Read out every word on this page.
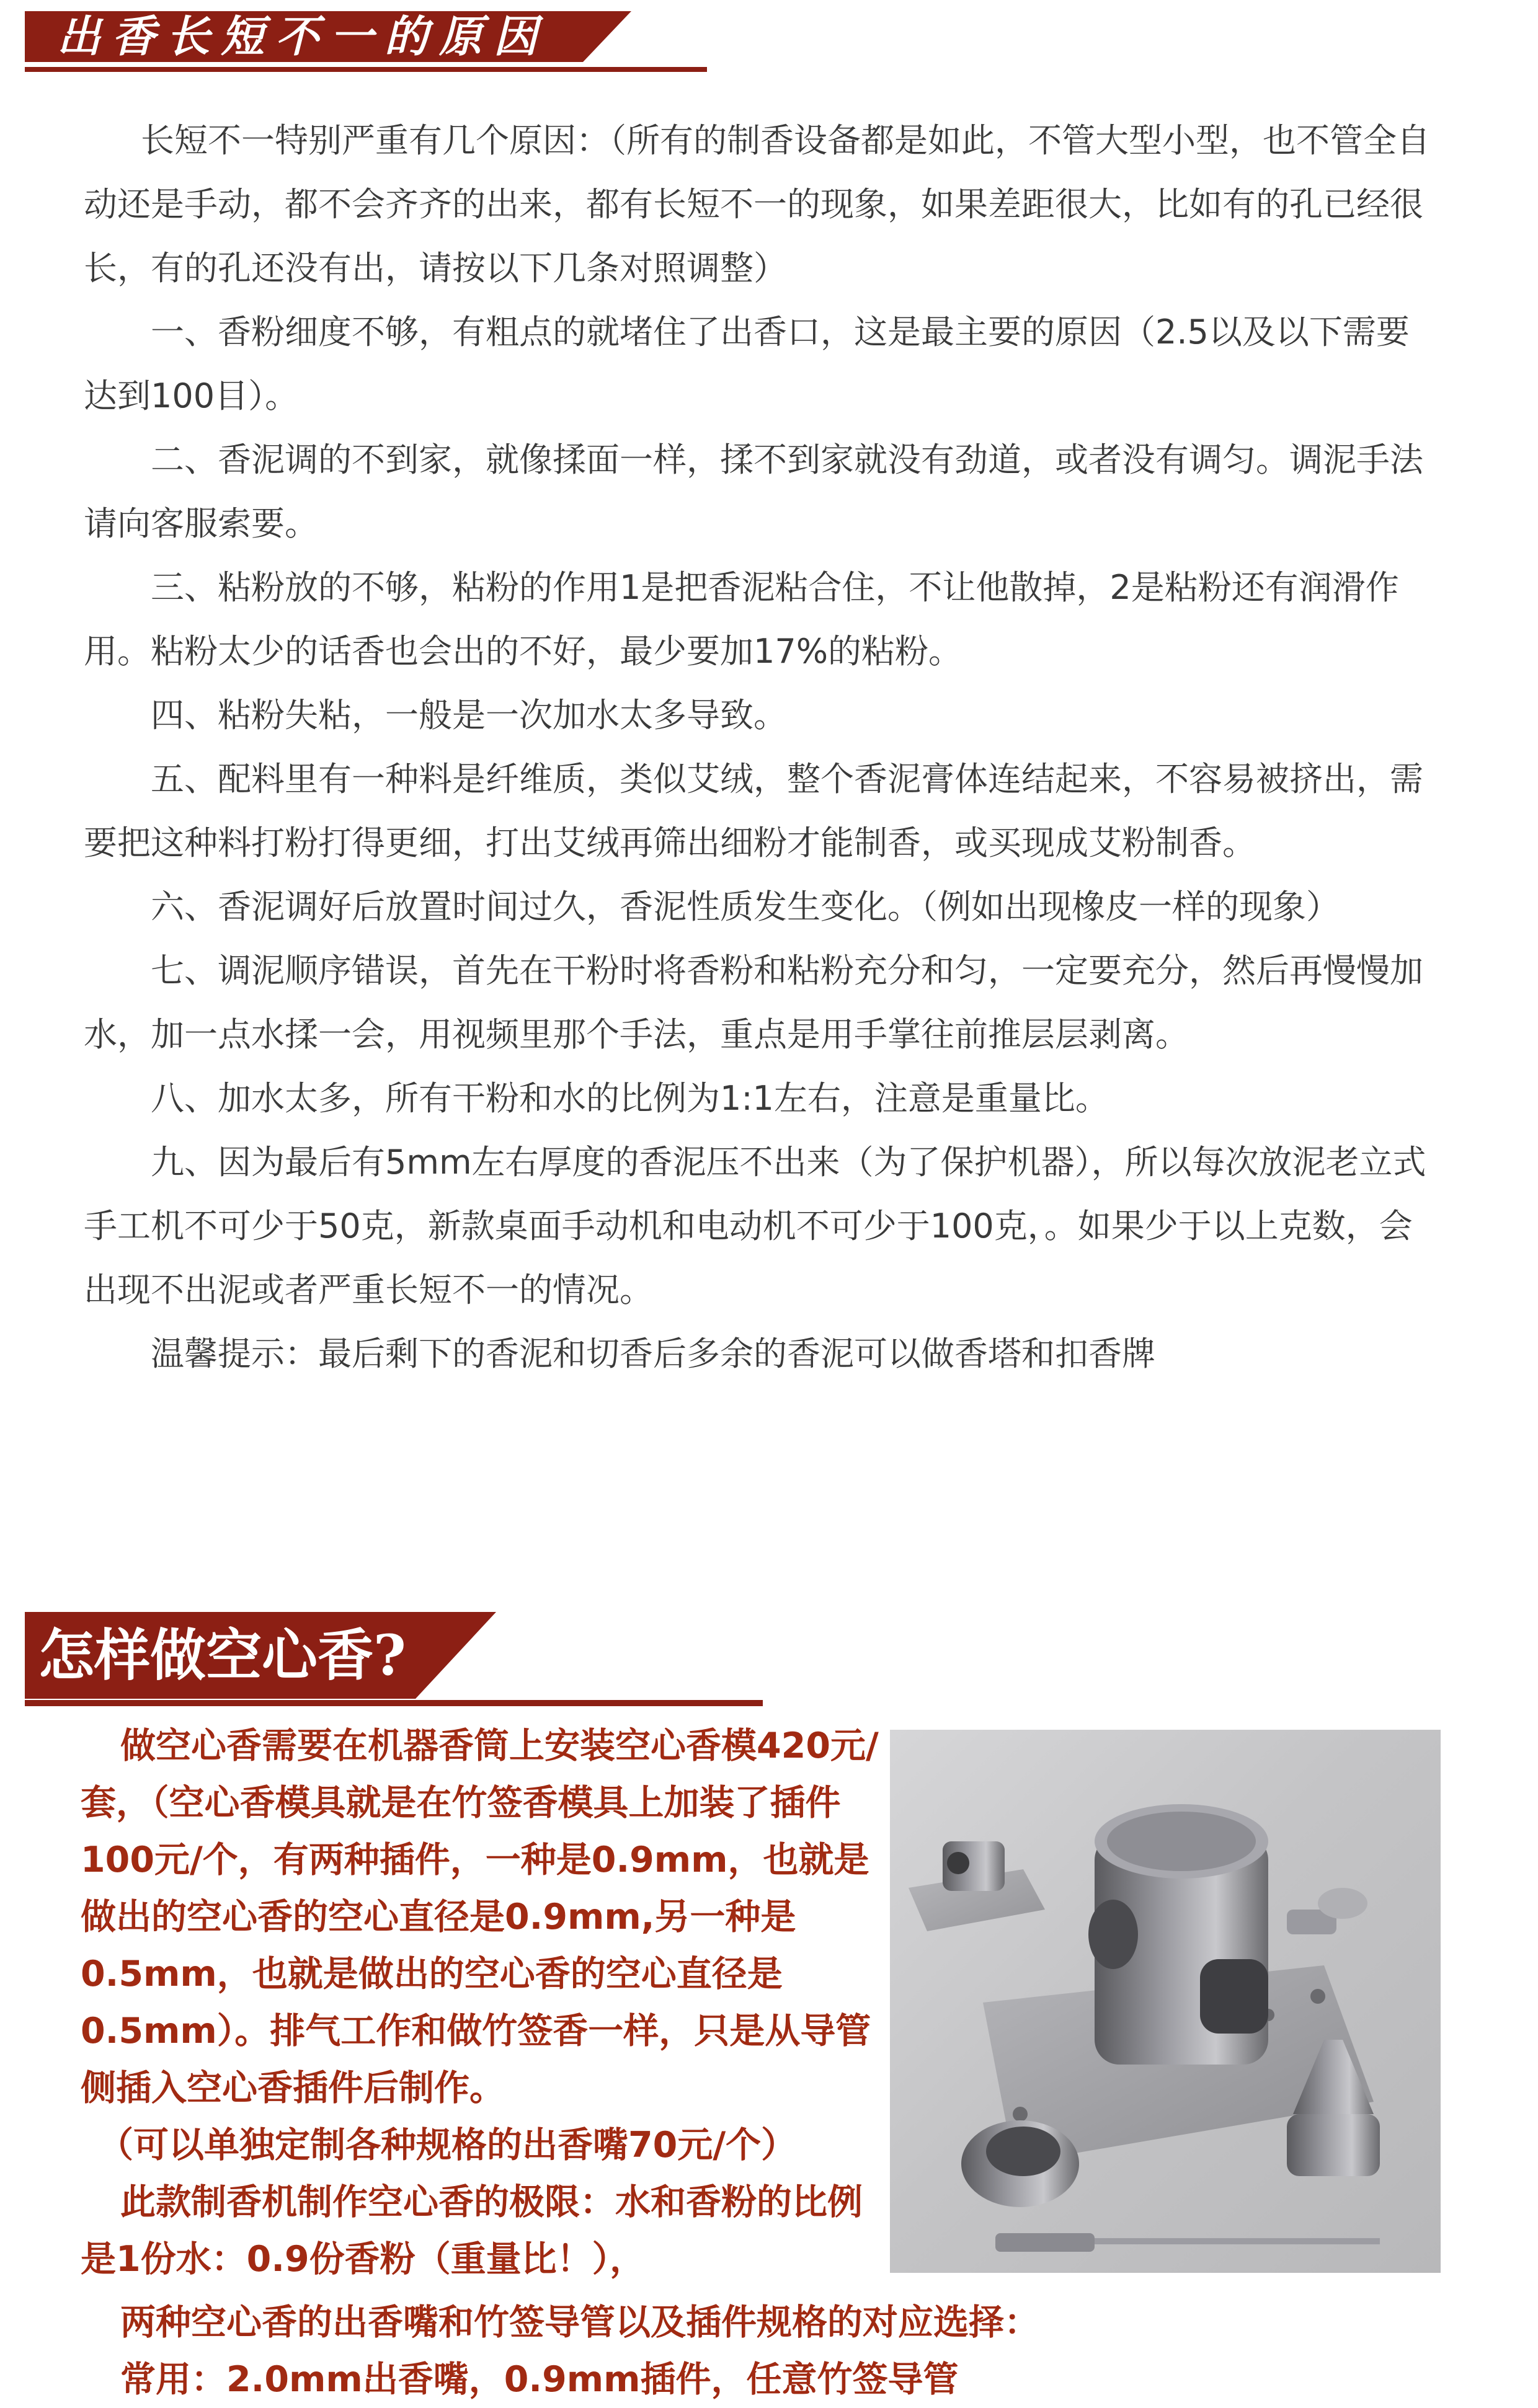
出香长短不一的原因

长短不一特别严重有几个原因：（所有的制香设备都是如此，不管大型小型，也不管全自动还是手动，都不会齐齐的出来，都有长短不一的现象，如果差距很大，比如有的孔已经很长，有的孔还没有出，请按以下几条对照调整）

一、香粉细度不够，有粗点的就堵住了出香口，这是最主要的原因（2.5以及以下需要达到100目）。

二、香泥调的不到家，就像揉面一样，揉不到家就没有劲道，或者没有调匀。调泥手法请向客服索要。

三、粘粉放的不够，粘粉的作用1是把香泥粘合住，不让他散掉，2是粘粉还有润滑作用。粘粉太少的话香也会出的不好，最少要加17%的粘粉。

四、粘粉失粘，一般是一次加水太多导致。

五、配料里有一种料是纤维质，类似艾绒，整个香泥膏体连结起来，不容易被挤出，需要把这种料打粉打得更细，打出艾绒再筛出细粉才能制香，或买现成艾粉制香。

六、香泥调好后放置时间过久，香泥性质发生变化。（例如出现橡皮一样的现象）

七、调泥顺序错误，首先在干粉时将香粉和粘粉充分和匀，一定要充分，然后再慢慢加水，加一点水揉一会，用视频里那个手法，重点是用手掌往前推层层剥离。

八、加水太多，所有干粉和水的比例为1:1左右，注意是重量比。

九、因为最后有5mm左右厚度的香泥压不出来（为了保护机器），所以每次放泥老立式手工机不可少于50克，新款桌面手动机和电动机不可少于100克，。如果少于以上克数，会出现不出泥或者严重长短不一的情况。

温馨提示：最后剩下的香泥和切香后多余的香泥可以做香塔和扣香牌

怎样做空心香?

做空心香需要在机器香筒上安装空心香模420元/套，（空心香模具就是在竹签香模具上加装了插件100元/个，有两种插件，一种是0.9mm，也就是做出的空心香的空心直径是0.9mm,另一种是0.5mm，也就是做出的空心香的空心直径是0.5mm）。排气工作和做竹签香一样，只是从导管侧插入空心香插件后制作。

（可以单独定制各种规格的出香嘴70元/个）

此款制香机制作空心香的极限：水和香粉的比例是1份水：0.9份香粉（重量比！），

两种空心香的出香嘴和竹签导管以及插件规格的对应选择：
常用：2.0mm出香嘴，0.9mm插件，任意竹签导管
